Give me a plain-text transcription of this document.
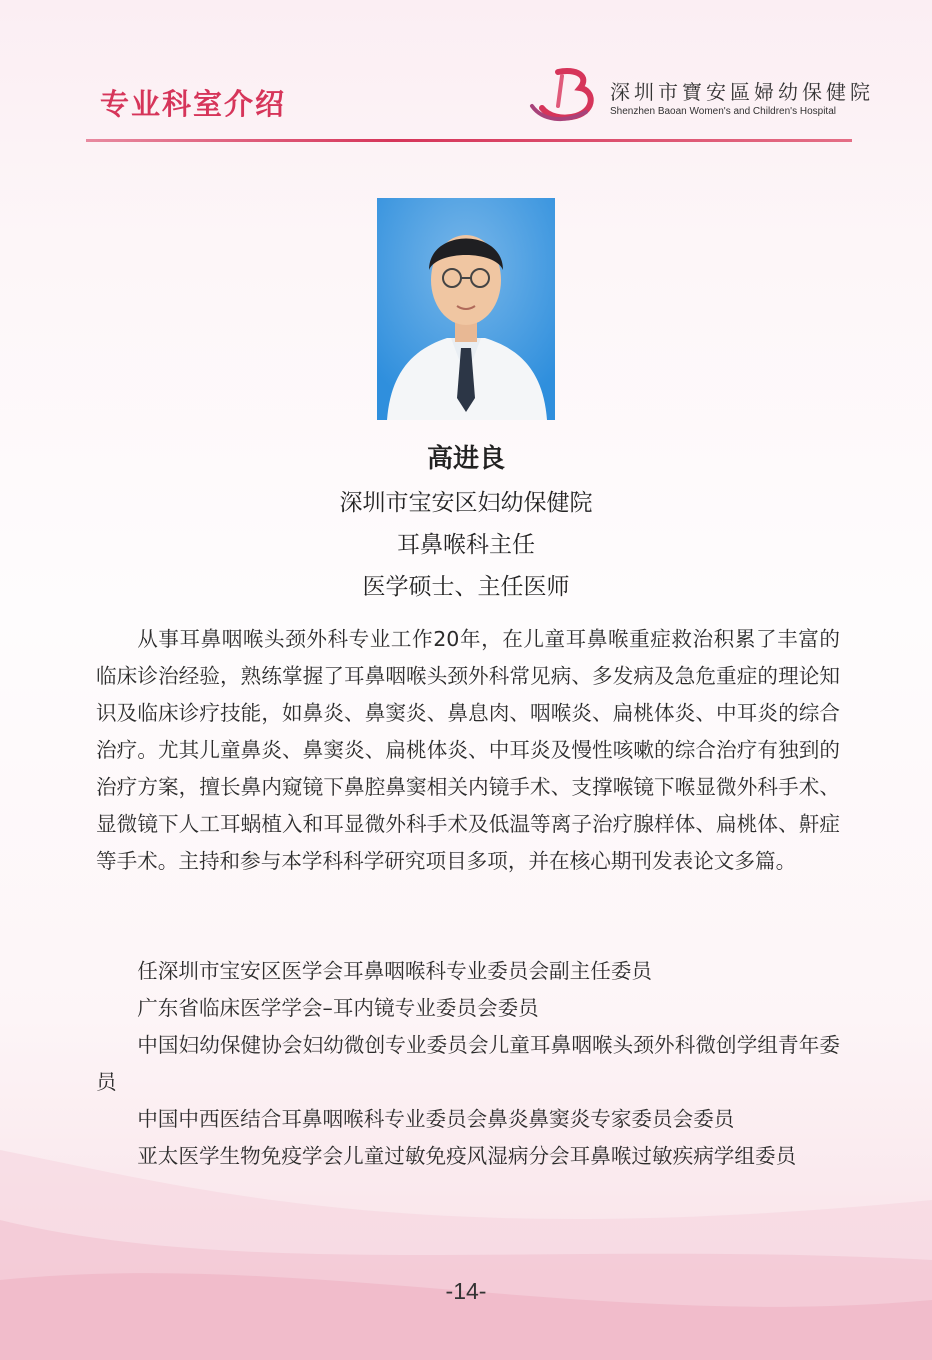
专业科室介绍	深圳市寶安區婦幼保健院
Shenzhen Baoan Women's and Children's Hospital
高进良
深圳市宝安区妇幼保健院
耳鼻喉科主任
医学硕士、主任医师

从事耳鼻咽喉头颈外科专业工作20年，在儿童耳鼻喉重症救治积累了丰富的临床诊治经验，熟练掌握了耳鼻咽喉头颈外科常见病、多发病及急危重症的理论知识及临床诊疗技能，如鼻炎、鼻窦炎、鼻息肉、咽喉炎、扁桃体炎、中耳炎的综合治疗。尤其儿童鼻炎、鼻窦炎、扁桃体炎、中耳炎及慢性咳嗽的综合治疗有独到的治疗方案，擅长鼻内窥镜下鼻腔鼻窦相关内镜手术、支撑喉镜下喉显微外科手术、显微镜下人工耳蜗植入和耳显微外科手术及低温等离子治疗腺样体、扁桃体、鼾症等手术。主持和参与本学科科学研究项目多项，并在核心期刊发表论文多篇。

任深圳市宝安区医学会耳鼻咽喉科专业委员会副主任委员

广东省临床医学学会–耳内镜专业委员会委员

中国妇幼保健协会妇幼微创专业委员会儿童耳鼻咽喉头颈外科微创学组青年委员

中国中西医结合耳鼻咽喉科专业委员会鼻炎鼻窦炎专家委员会委员

亚太医学生物免疫学会儿童过敏免疫风湿病分会耳鼻喉过敏疾病学组委员

-14-
